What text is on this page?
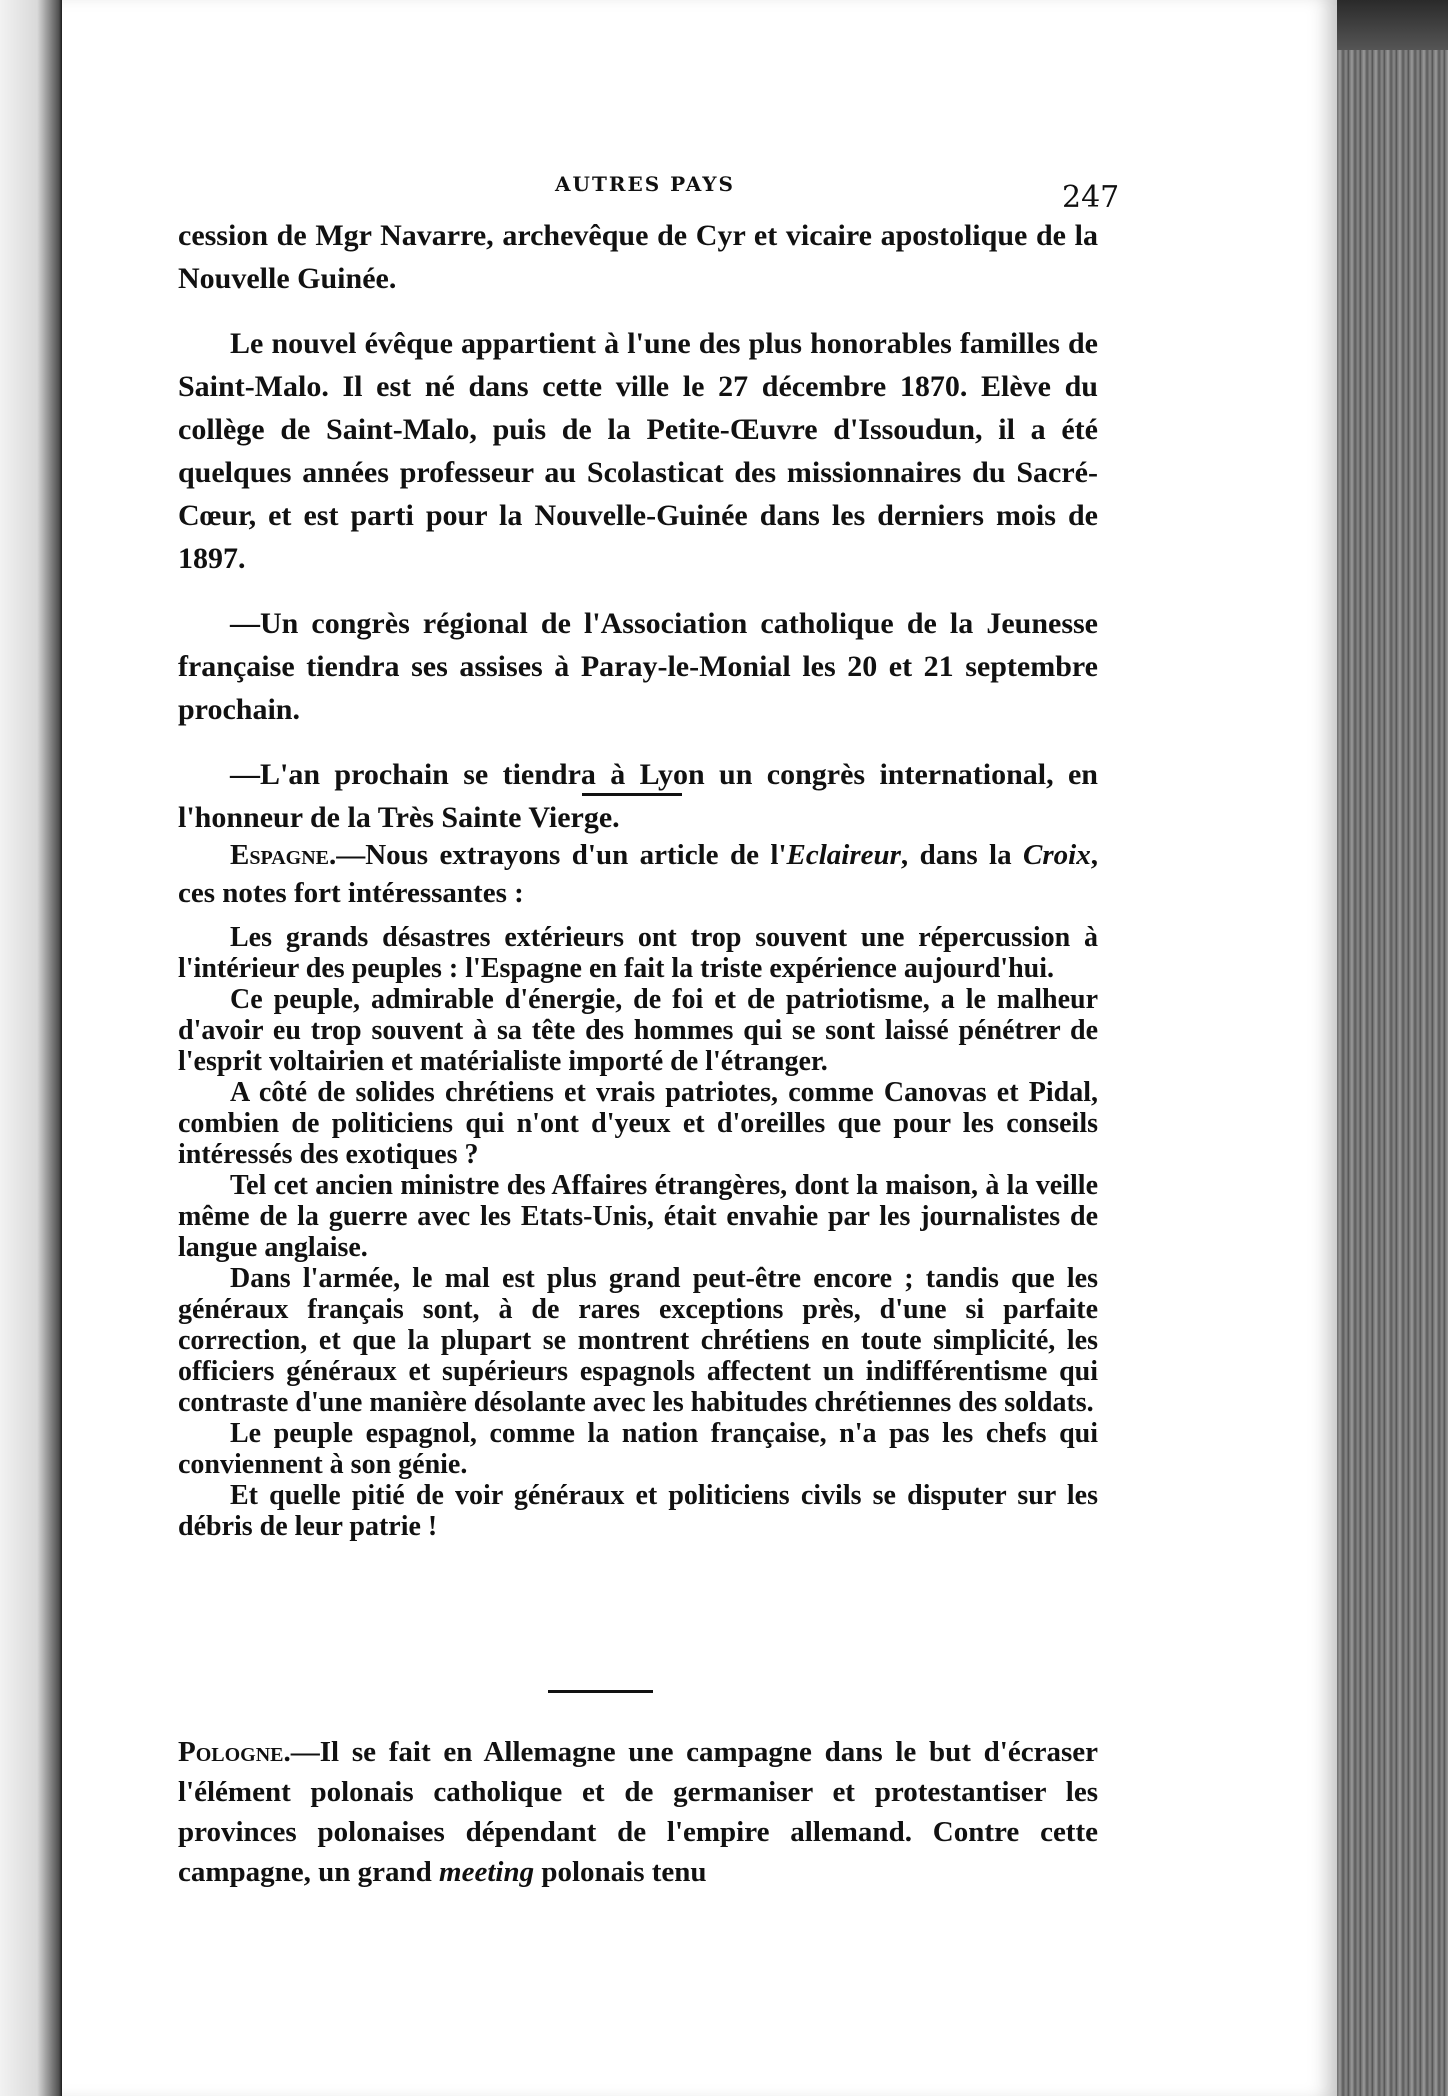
AUTRES PAYS	247

cession de Mgr Navarre, archevêque de Cyr et vicaire apostolique de la Nouvelle Guinée.

Le nouvel évêque appartient à l'une des plus honorables familles de Saint-Malo. Il est né dans cette ville le 27 décembre 1870. Elève du collège de Saint-Malo, puis de la Petite-Œuvre d'Issoudun, il a été quelques années professeur au Scolasticat des missionnaires du Sacré-Cœur, et est parti pour la Nouvelle-Guinée dans les derniers mois de 1897.

—Un congrès régional de l'Association catholique de la Jeunesse française tiendra ses assises à Paray-le-Monial les 20 et 21 septembre prochain.

—L'an prochain se tiendra à Lyon un congrès international, en l'honneur de la Très Sainte Vierge.

Espagne.—Nous extrayons d'un article de l'Eclaireur, dans la Croix, ces notes fort intéressantes :

Les grands désastres extérieurs ont trop souvent une répercussion à l'intérieur des peuples : l'Espagne en fait la triste expérience aujourd'hui.

Ce peuple, admirable d'énergie, de foi et de patriotisme, a le malheur d'avoir eu trop souvent à sa tête des hommes qui se sont laissé pénétrer de l'esprit voltairien et matérialiste importé de l'étranger.

A côté de solides chrétiens et vrais patriotes, comme Canovas et Pidal, combien de politiciens qui n'ont d'yeux et d'oreilles que pour les conseils intéressés des exotiques ?

Tel cet ancien ministre des Affaires étrangères, dont la maison, à la veille même de la guerre avec les Etats-Unis, était envahie par les journalistes de langue anglaise.

Dans l'armée, le mal est plus grand peut-être encore ; tandis que les généraux français sont, à de rares exceptions près, d'une si parfaite correction, et que la plupart se montrent chrétiens en toute simplicité, les officiers généraux et supérieurs espagnols affectent un indifférentisme qui contraste d'une manière désolante avec les habitudes chrétiennes des soldats.

Le peuple espagnol, comme la nation française, n'a pas les chefs qui conviennent à son génie.

Et quelle pitié de voir généraux et politiciens civils se disputer sur les débris de leur patrie !

Pologne.—Il se fait en Allemagne une campagne dans le but d'écraser l'élément polonais catholique et de germaniser et protestantiser les provinces polonaises dépendant de l'empire allemand. Contre cette campagne, un grand meeting polonais tenu
